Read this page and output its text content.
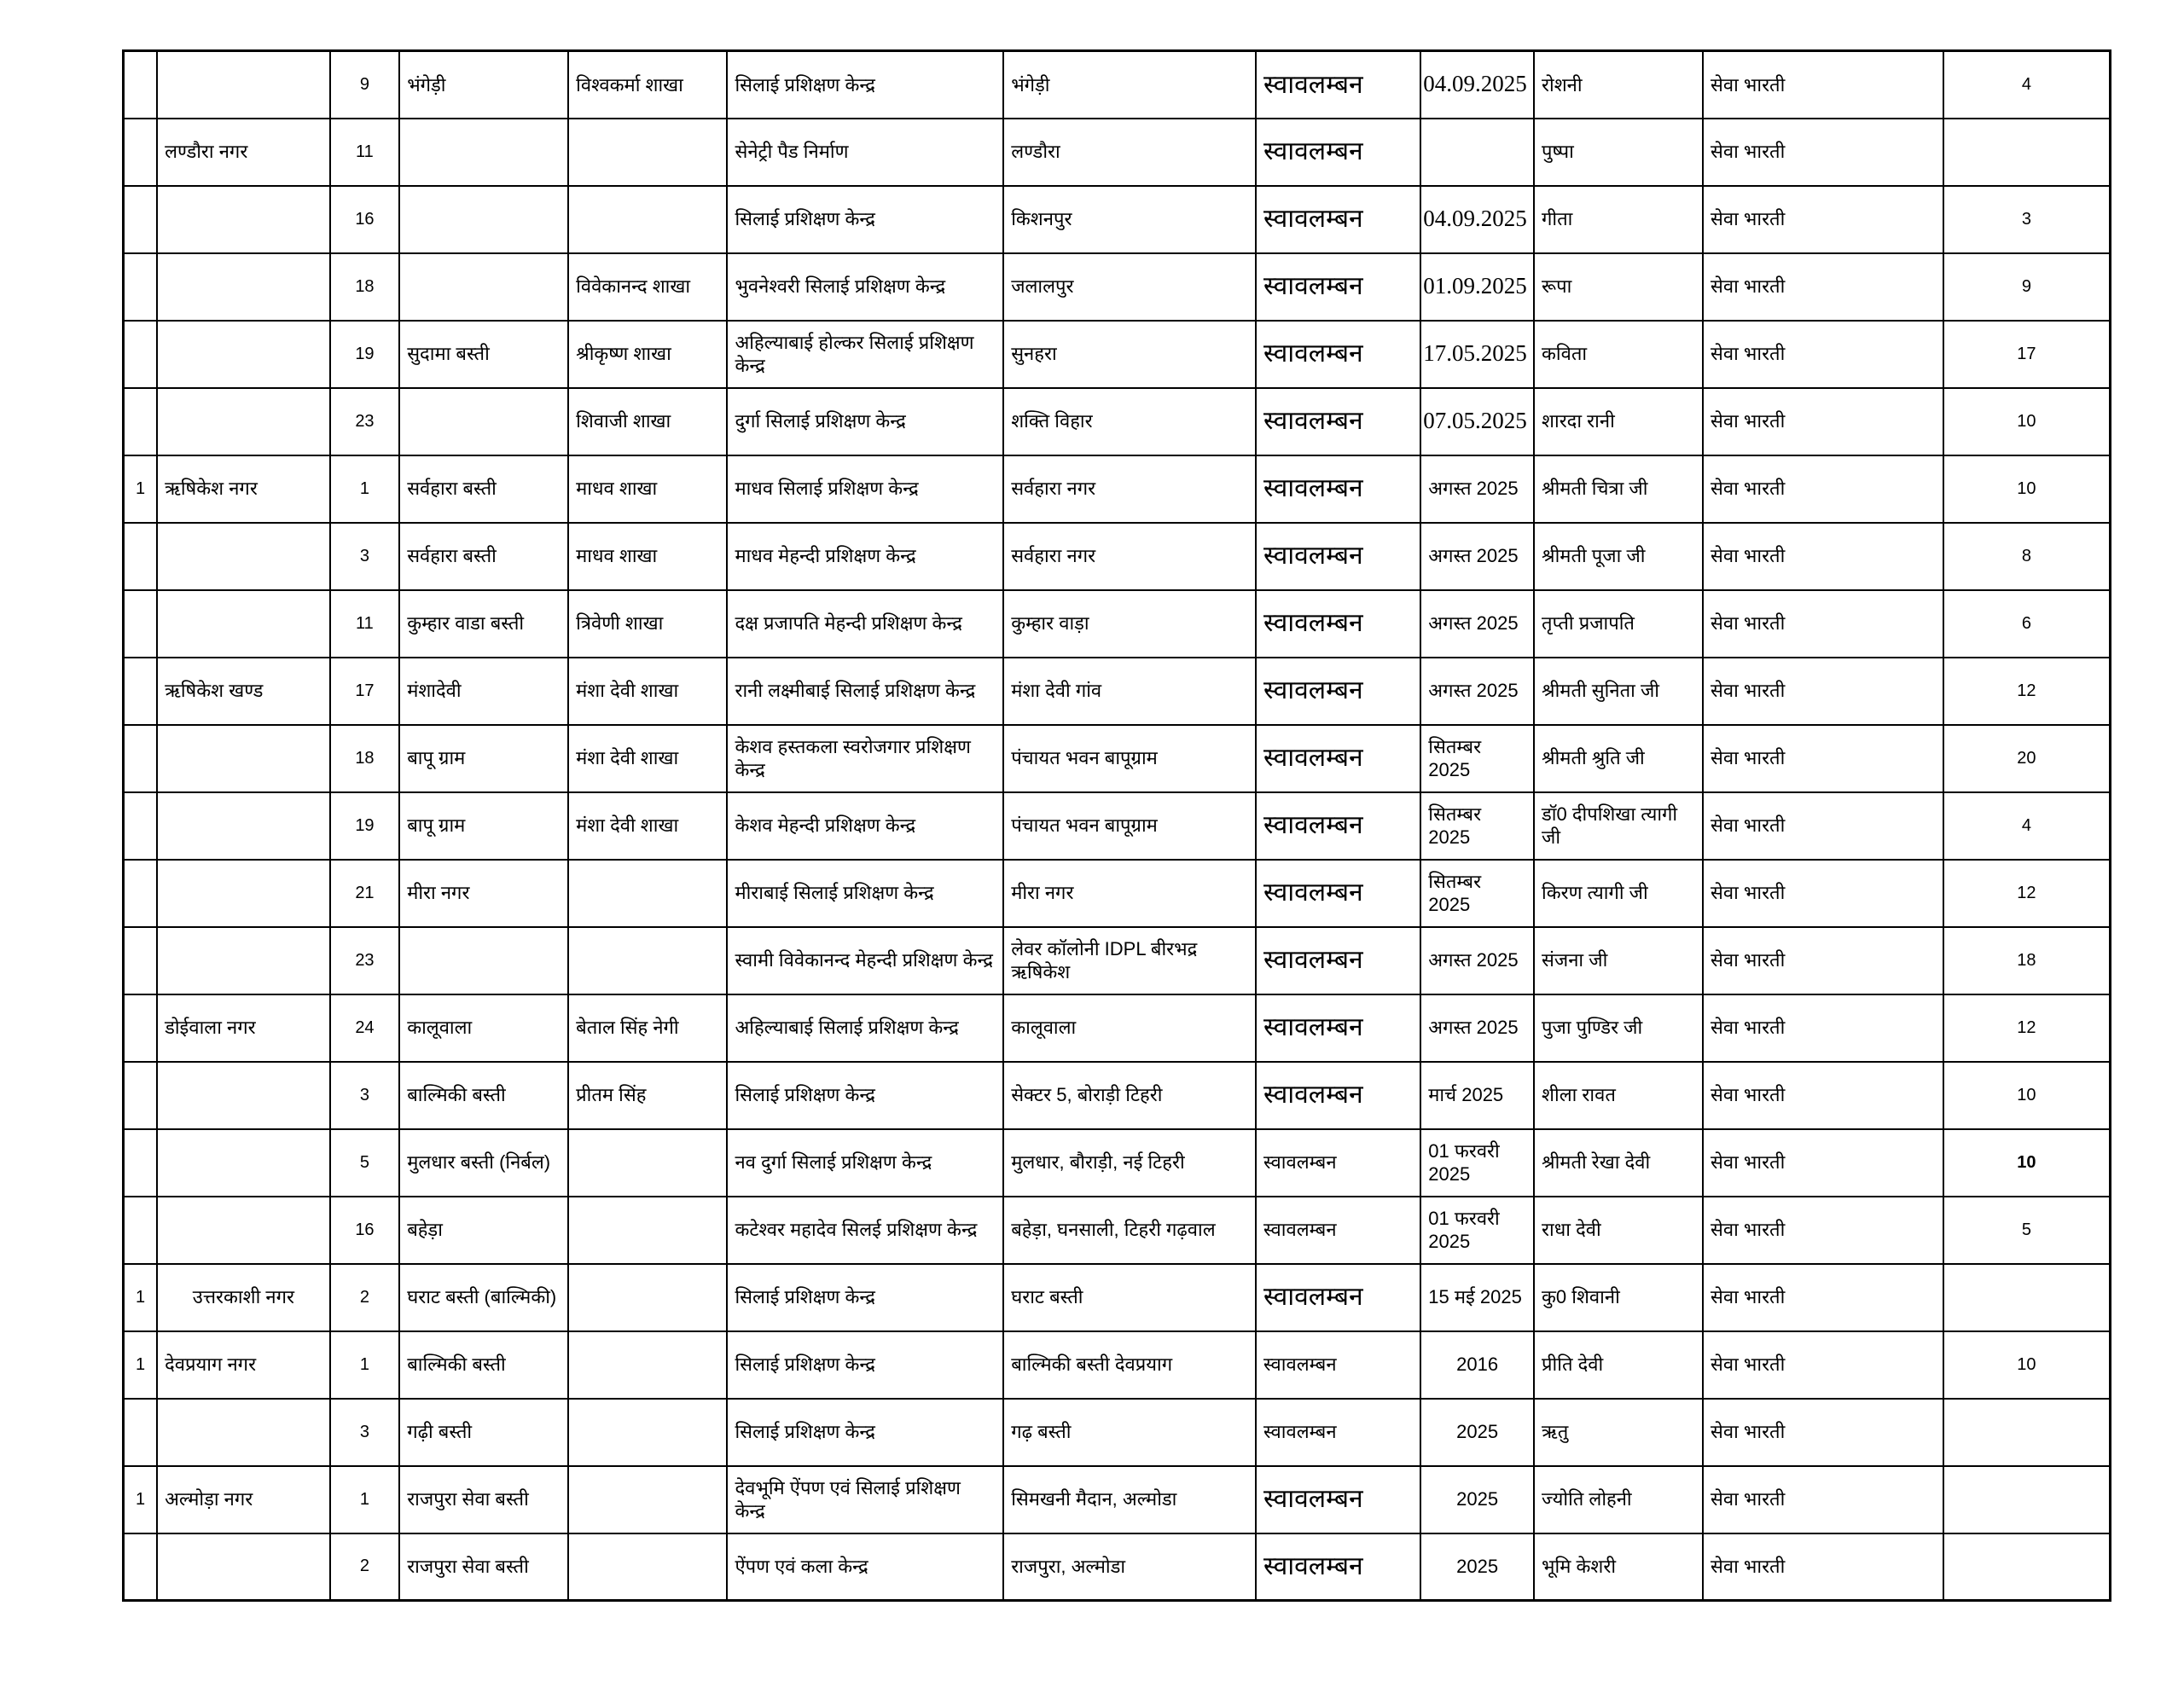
		9	भंगेड़ी	विश्वकर्मा शाखा	सिलाई प्रशिक्षण केन्द्र	भंगेड़ी	स्वावलम्बन	04.09.2025	रोशनी	सेवा भारती	4
	लण्डौरा नगर	11			सेनेट्री पैड निर्माण	लण्डौरा	स्वावलम्बन		पुष्पा	सेवा भारती	
		16			सिलाई प्रशिक्षण केन्द्र	किशनपुर	स्वावलम्बन	04.09.2025	गीता	सेवा भारती	3
		18		विवेकानन्द शाखा	भुवनेश्वरी सिलाई प्रशिक्षण केन्द्र	जलालपुर	स्वावलम्बन	01.09.2025	रूपा	सेवा भारती	9
		19	सुदामा बस्ती	श्रीकृष्ण शाखा	अहिल्याबाई होल्कर सिलाई प्रशिक्षण केन्द्र	सुनहरा	स्वावलम्बन	17.05.2025	कविता	सेवा भारती	17
		23		शिवाजी शाखा	दुर्गा सिलाई प्रशिक्षण केन्द्र	शक्ति विहार	स्वावलम्बन	07.05.2025	शारदा रानी	सेवा भारती	10
1	ऋषिकेश नगर	1	सर्वहारा बस्ती	माधव शाखा	माधव सिलाई प्रशिक्षण केन्द्र	सर्वहारा नगर	स्वावलम्बन	अगस्त 2025	श्रीमती चित्रा जी	सेवा भारती	10
		3	सर्वहारा बस्ती	माधव शाखा	माधव मेहन्दी प्रशिक्षण केन्द्र	सर्वहारा नगर	स्वावलम्बन	अगस्त 2025	श्रीमती पूजा जी	सेवा भारती	8
		11	कुम्हार वाडा बस्ती	त्रिवेणी शाखा	दक्ष प्रजापति मेहन्दी प्रशिक्षण केन्द्र	कुम्हार वाड़ा	स्वावलम्बन	अगस्त 2025	तृप्ती प्रजापति	सेवा भारती	6
	ऋषिकेश खण्ड	17	मंशादेवी	मंशा देवी शाखा	रानी लक्ष्मीबाई सिलाई प्रशिक्षण केन्द्र	मंशा देवी गांव	स्वावलम्बन	अगस्त 2025	श्रीमती सुनिता जी	सेवा भारती	12
		18	बापू ग्राम	मंशा देवी शाखा	केशव हस्तकला स्वरोजगार प्रशिक्षण केन्द्र	पंचायत भवन बापूग्राम	स्वावलम्बन	सितम्बर 2025	श्रीमती श्रुति जी	सेवा भारती	20
		19	बापू ग्राम	मंशा देवी शाखा	केशव मेहन्दी प्रशिक्षण केन्द्र	पंचायत भवन बापूग्राम	स्वावलम्बन	सितम्बर 2025	डॉ0 दीपशिखा त्यागी जी	सेवा भारती	4
		21	मीरा नगर		मीराबाई सिलाई प्रशिक्षण केन्द्र	मीरा नगर	स्वावलम्बन	सितम्बर 2025	किरण त्यागी जी	सेवा भारती	12
		23			स्वामी विवेकानन्द मेहन्दी प्रशिक्षण केन्द्र	लेवर कॉलोनी IDPL बीरभद्र ऋषिकेश	स्वावलम्बन	अगस्त 2025	संजना जी	सेवा भारती	18
	डोईवाला नगर	24	कालूवाला	बेताल सिंह नेगी	अहिल्याबाई सिलाई प्रशिक्षण केन्द्र	कालूवाला	स्वावलम्बन	अगस्त 2025	पुजा पुण्डिर जी	सेवा भारती	12
		3	बाल्मिकी बस्ती	प्रीतम सिंह	सिलाई प्रशिक्षण केन्द्र	सेक्टर 5, बोराड़ी टिहरी	स्वावलम्बन	मार्च 2025	शीला रावत	सेवा भारती	10
		5	मुलधार बस्ती (निर्बल)		नव दुर्गा सिलाई प्रशिक्षण केन्द्र	मुलधार, बौराड़ी, नई टिहरी	स्वावलम्बन	01 फरवरी 2025	श्रीमती रेखा देवी	सेवा भारती	10
		16	बहेड़ा		कटेश्वर महादेव सिलई प्रशिक्षण केन्द्र	बहेड़ा, घनसाली, टिहरी गढ़वाल	स्वावलम्बन	01 फरवरी 2025	राधा देवी	सेवा भारती	5
1	उत्तरकाशी नगर	2	घराट बस्ती (बाल्मिकी)		सिलाई प्रशिक्षण केन्द्र	घराट बस्ती	स्वावलम्बन	15 मई 2025	कु0 शिवानी	सेवा भारती	
1	देवप्रयाग नगर	1	बाल्मिकी बस्ती		सिलाई प्रशिक्षण केन्द्र	बाल्मिकी बस्ती देवप्रयाग	स्वावलम्बन	2016	प्रीति देवी	सेवा भारती	10
		3	गढ़ी बस्ती		सिलाई प्रशिक्षण केन्द्र	गढ़ बस्ती	स्वावलम्बन	2025	ऋतु	सेवा भारती	
1	अल्मोड़ा नगर	1	राजपुरा सेवा बस्ती		देवभूमि ऐंपण एवं सिलाई प्रशिक्षण केन्द्र	सिमखनी मैदान, अल्मोडा	स्वावलम्बन	2025	ज्योति लोहनी	सेवा भारती	
		2	राजपुरा सेवा बस्ती		ऐंपण एवं कला केन्द्र	राजपुरा, अल्मोडा	स्वावलम्बन	2025	भूमि केशरी	सेवा भारती	
